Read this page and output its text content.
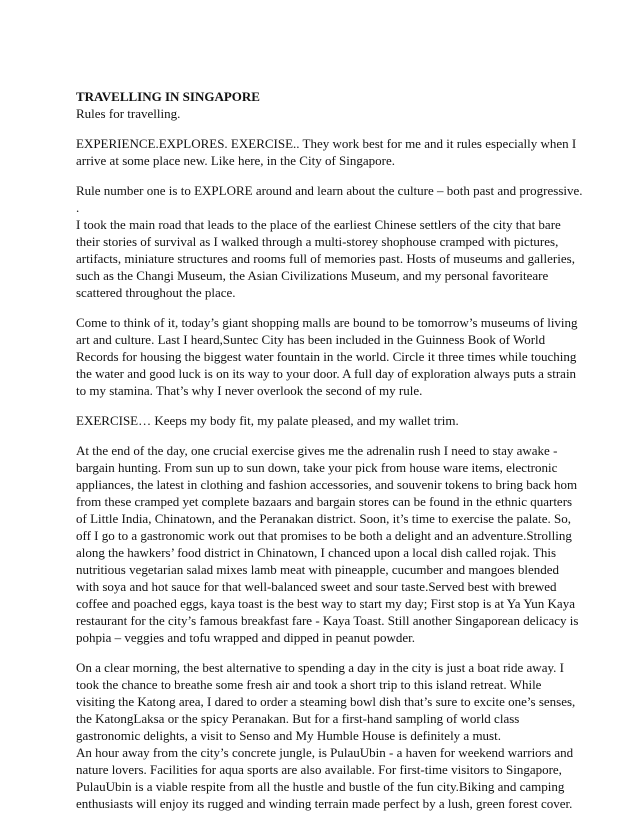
TRAVELLING IN SINGAPORE

Rules for travelling.

EXPERIENCE.EXPLORES. EXERCISE.. They work best for me and it rules especially when I
arrive at some place new. Like here, in the City of Singapore.

Rule number one is to EXPLORE around and learn about the culture – both past and progressive.
.
I took the main road that leads to the place of the earliest Chinese settlers of the city that bare
their stories of survival as I walked through a multi-storey shophouse cramped with pictures,
artifacts, miniature structures and rooms full of memories past. Hosts of museums and galleries,
such as the Changi Museum, the Asian Civilizations Museum, and my personal favoriteare
scattered throughout the place.

Come to think of it, today’s giant shopping malls are bound to be tomorrow’s museums of living
art and culture. Last I heard,Suntec City has been included in the Guinness Book of World
Records for housing the biggest water fountain in the world. Circle it three times while touching
the water and good luck is on its way to your door. A full day of exploration always puts a strain
to my stamina. That’s why I never overlook the second of my rule.

EXERCISE… Keeps my body fit, my palate pleased, and my wallet trim.

At the end of the day, one crucial exercise gives me the adrenalin rush I need to stay awake -
bargain hunting. From sun up to sun down, take your pick from house ware items, electronic
appliances, the latest in clothing and fashion accessories, and souvenir tokens to bring back hom
from these cramped yet complete bazaars and bargain stores can be found in the ethnic quarters
of Little India, Chinatown, and the Peranakan district. Soon, it’s time to exercise the palate. So,
off I go to a gastronomic work out that promises to be both a delight and an adventure.Strolling
along the hawkers’ food district in Chinatown, I chanced upon a local dish called rojak. This
nutritious vegetarian salad mixes lamb meat with pineapple, cucumber and mangoes blended
with soya and hot sauce for that well-balanced sweet and sour taste.Served best with brewed
coffee and poached eggs, kaya toast is the best way to start my day; First stop is at Ya Yun Kaya
restaurant for the city’s famous breakfast fare - Kaya Toast. Still another Singaporean delicacy is
pohpia – veggies and tofu wrapped and dipped in peanut powder.

On a clear morning, the best alternative to spending a day in the city is just a boat ride away. I
took the chance to breathe some fresh air and took a short trip to this island retreat. While
visiting the Katong area, I dared to order a steaming bowl dish that’s sure to excite one’s senses,
the KatongLaksa or the spicy Peranakan. But for a first-hand sampling of world class
gastronomic delights, a visit to Senso and My Humble House is definitely a must.

An hour away from the city’s concrete jungle, is PulauUbin - a haven for weekend warriors and
nature lovers. Facilities for aqua sports are also available. For first-time visitors to Singapore,
PulauUbin is a viable respite from all the hustle and bustle of the fun city.Biking and camping
enthusiasts will enjoy its rugged and winding terrain made perfect by a lush, green forest cover.
